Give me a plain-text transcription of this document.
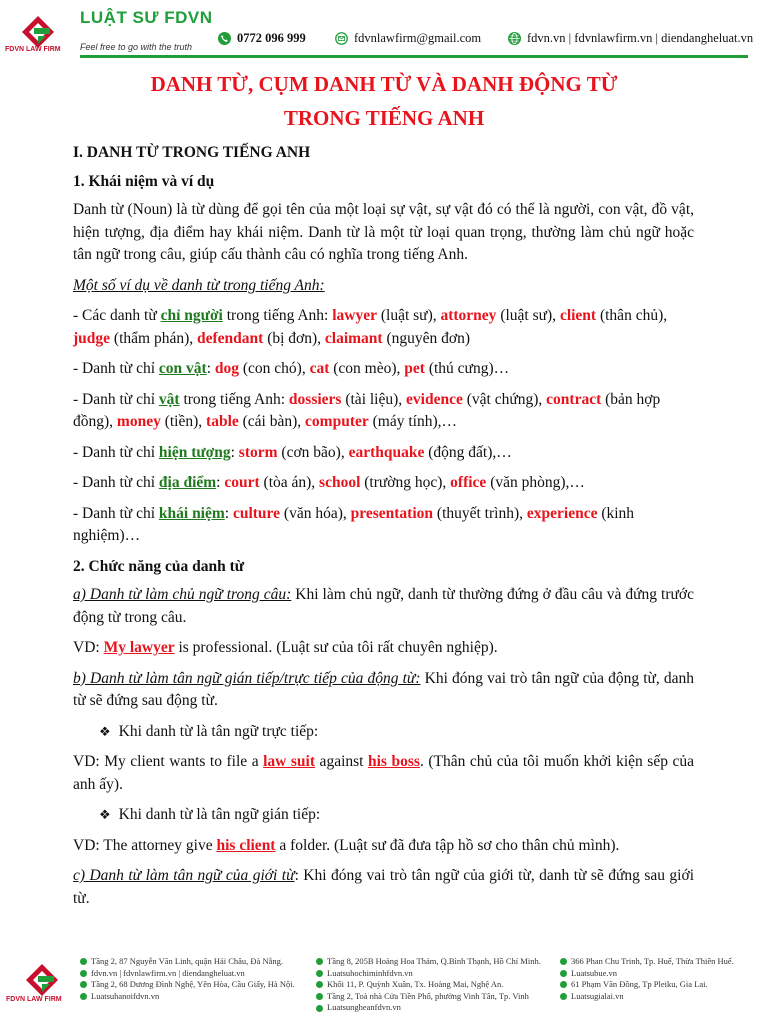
FDVN LAW FIRM
LUẬT SƯ FDVN
Feel free to go with the truth
0772 096 999	fdvnlawfirm@gmail.com	fdvn.vn | fdvnlawfirm.vn | diendangheluat.vn
DANH TỪ, CỤM DANH TỪ VÀ DANH ĐỘNG TỪ
TRONG TIẾNG ANH

I. DANH TỪ TRONG TIẾNG ANH

1. Khái niệm và ví dụ

Danh từ (Noun) là từ dùng để gọi tên của một loại sự vật, sự vật đó có thể là người, con vật, đồ vật, hiện tượng, địa điểm hay khái niệm. Danh từ là một từ loại quan trọng, thường làm chủ ngữ hoặc tân ngữ trong câu, giúp cấu thành câu có nghĩa trong tiếng Anh.

Một số ví dụ về danh từ trong tiếng Anh:

- Các danh từ chỉ người trong tiếng Anh: lawyer (luật sư), attorney (luật sư), client (thân chủ), judge (thẩm phán), defendant (bị đơn), claimant (nguyên đơn)

- Danh từ chỉ con vật: dog (con chó), cat (con mèo), pet (thú cưng)…

- Danh từ chỉ vật trong tiếng Anh: dossiers (tài liệu), evidence (vật chứng), contract (bản hợp đồng), money (tiền), table (cái bàn), computer (máy tính),…

- Danh từ chỉ hiện tượng: storm (cơn bão), earthquake (động đất),…

- Danh từ chỉ địa điểm: court (tòa án), school (trường học), office (văn phòng),…

- Danh từ chỉ khái niệm: culture (văn hóa), presentation (thuyết trình), experience (kinh nghiệm)…

2. Chức năng của danh từ

a) Danh từ làm chủ ngữ trong câu: Khi làm chủ ngữ, danh từ thường đứng ở đầu câu và đứng trước động từ trong câu.

VD: My lawyer is professional. (Luật sư của tôi rất chuyên nghiệp).

b) Danh từ làm tân ngữ gián tiếp/trực tiếp của động từ: Khi đóng vai trò tân ngữ của động từ, danh từ sẽ đứng sau động từ.

❖ Khi danh từ là tân ngữ trực tiếp:

VD: My client wants to file a law suit against his boss. (Thân chủ của tôi muốn khởi kiện sếp của anh ấy).

❖ Khi danh từ là tân ngữ gián tiếp:

VD: The attorney give his client a folder. (Luật sư đã đưa tập hồ sơ cho thân chủ mình).

c) Danh từ làm tân ngữ của giới từ: Khi đóng vai trò tân ngữ của giới từ, danh từ sẽ đứng sau giới từ.

FDVN LAW FIRM
Tầng 2, 87 Nguyễn Văn Linh, quận Hải Châu, Đà Nẵng.
fdvn.vn | fdvnlawfirm.vn | diendangheluat.vn
Tầng 2, 68 Dương Đình Nghệ, Yên Hòa, Cầu Giấy, Hà Nội.
Luatsuhanoifdvn.vn
Tầng 8, 205B Hoàng Hoa Thám, Q.Bình Thạnh, Hồ Chí Minh.
Luatsuhochiminhfdvn.vn
Khối 11, P. Quỳnh Xuân, Tx. Hoàng Mai, Nghệ An.
Tầng 2, Toà nhà Cửa Tiền Phố, phường Vinh Tân, Tp. Vinh
Luatsunghеanfdvn.vn
366 Phan Chu Trinh, Tp. Huế, Thừa Thiên Huế.
Luatsubue.vn
61 Phạm Văn Đồng, Tp Pleiku, Gia Lai.
Luatsugialai.vn
